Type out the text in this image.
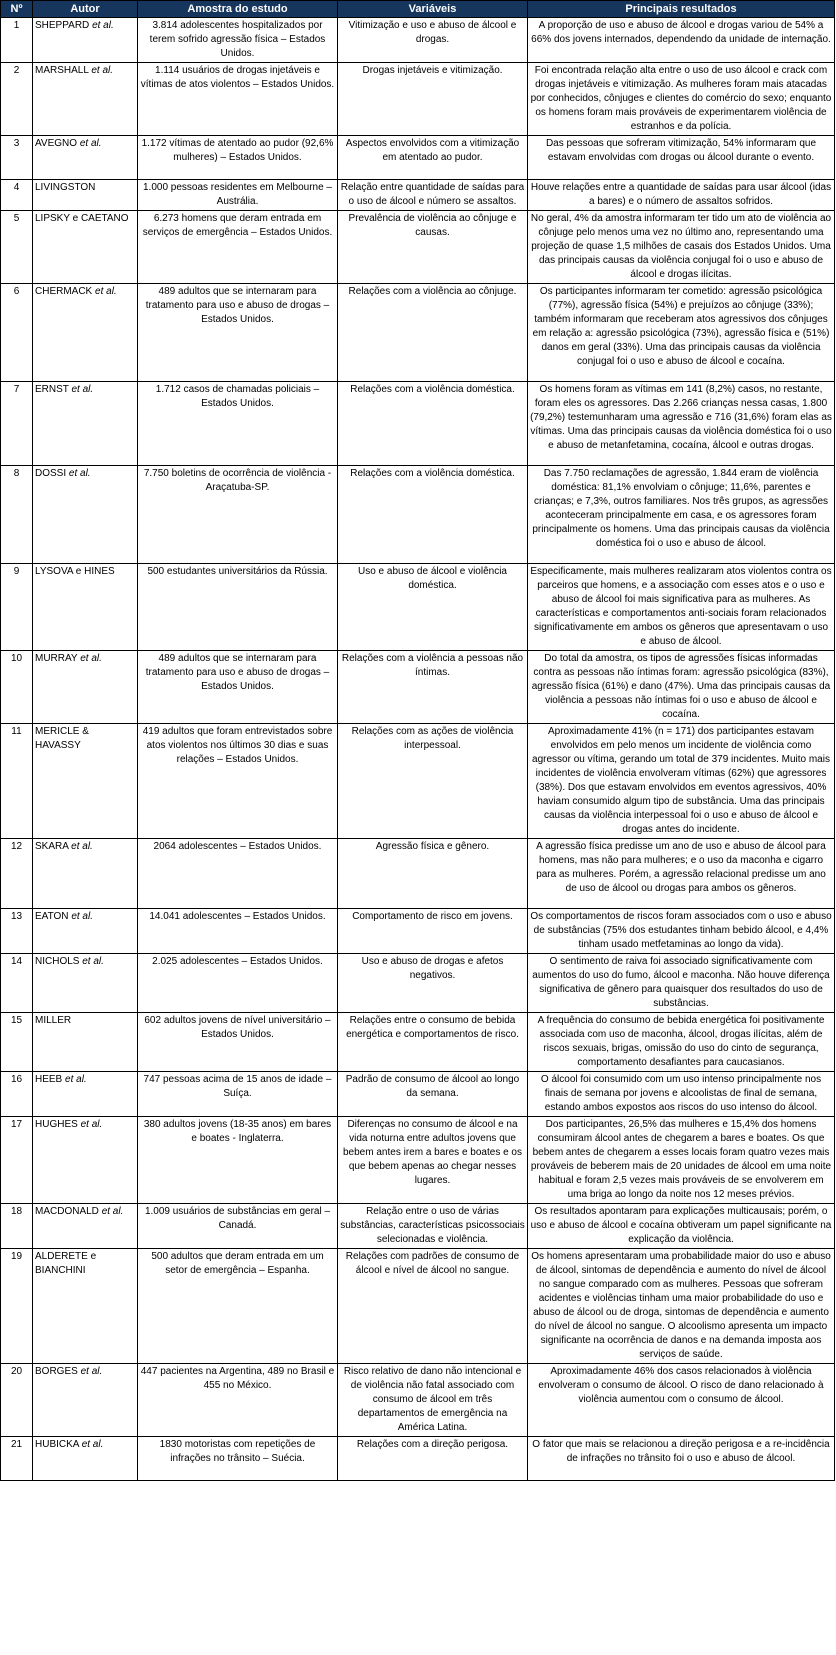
Nº	Autor	Amostra do estudo	Variáveis	Principais resultados
1	SHEPPARD et al.	3.814 adolescentes hospitalizados por terem sofrido agressão física – Estados Unidos.	Vitimização e uso e abuso de álcool e drogas.	A proporção de uso e abuso de álcool e drogas variou de 54% a 66% dos jovens internados, dependendo da unidade de internação.
2	MARSHALL et al.	1.114 usuários de drogas injetáveis e vítimas de atos violentos – Estados Unidos.	Drogas injetáveis e vitimização.	Foi encontrada relação alta entre o uso de uso álcool e crack com drogas injetáveis e vitimização. As mulheres foram mais atacadas por conhecidos, cônjuges e clientes do comércio do sexo; enquanto os homens foram mais prováveis de experimentarem violência de estranhos e da polícia.
3	AVEGNO et al.	1.172 vítimas de atentado ao pudor (92,6% mulheres) – Estados Unidos.	Aspectos envolvidos com a vitimização em atentado ao pudor.	Das pessoas que sofreram vitimização, 54% informaram que estavam envolvidas com drogas ou álcool durante o evento.
4	LIVINGSTON	1.000 pessoas residentes em Melbourne – Austrália.	Relação entre quantidade de saídas para o uso de álcool e número se assaltos.	Houve relações entre a quantidade de saídas para usar álcool (idas a bares) e o número de assaltos sofridos.
5	LIPSKY e CAETANO	6.273 homens que deram entrada em serviços de emergência – Estados Unidos.	Prevalência de violência ao cônjuge e causas.	No geral, 4% da amostra informaram ter tido um ato de violência ao cônjuge pelo menos uma vez no último ano, representando uma projeção de quase 1,5 milhões de casais dos Estados Unidos. Uma das principais causas da violência conjugal foi o uso e abuso de álcool e drogas ilícitas.
6	CHERMACK et al.	489 adultos que se internaram para tratamento para uso e abuso de drogas – Estados Unidos.	Relações com a violência ao cônjuge.	Os participantes informaram ter cometido: agressão psicológica (77%), agressão física (54%) e prejuízos ao cônjuge (33%); também informaram que receberam atos agressivos dos cônjuges em relação a: agressão psicológica (73%), agressão física e (51%) danos em geral (33%). Uma das principais causas da violência conjugal foi o uso e abuso de álcool e cocaína.
7	ERNST et al.	1.712 casos de chamadas policiais – Estados Unidos.	Relações com a violência doméstica.	Os homens foram as vítimas em 141 (8,2%) casos, no restante, foram eles os agressores. Das 2.266 crianças nessa casas, 1.800 (79,2%) testemunharam uma agressão e 716 (31,6%) foram elas as vítimas. Uma das principais causas da violência doméstica foi o uso e abuso de metanfetamina, cocaína, álcool e outras drogas.
8	DOSSI et al.	7.750 boletins de ocorrência de violência -Araçatuba-SP.	Relações com a violência doméstica.	Das 7.750 reclamações de agressão, 1.844 eram de violência doméstica: 81,1% envolviam o cônjuge; 11,6%, parentes e crianças; e 7,3%, outros familiares. Nos três grupos, as agressões aconteceram principalmente em casa, e os agressores foram principalmente os homens. Uma das principais causas da violência doméstica foi o uso e abuso de álcool.
9	LYSOVA e HINES	500 estudantes universitários da Rússia.	Uso e abuso de álcool e violência doméstica.	Especificamente, mais mulheres realizaram atos violentos contra os parceiros que homens, e a associação com esses atos e o uso e abuso de álcool foi mais significativa para as mulheres. As características e comportamentos anti-sociais foram relacionados significativamente em ambos os gêneros que apresentavam o uso e abuso de álcool.
10	MURRAY et al.	489 adultos que se internaram para tratamento para uso e abuso de drogas – Estados Unidos.	Relações com a violência a pessoas não íntimas.	Do total da amostra, os tipos de agressões físicas informadas contra as pessoas não íntimas foram: agressão psicológica (83%), agressão física (61%) e dano (47%). Uma das principais causas da violência a pessoas não íntimas foi o uso e abuso de álcool e cocaína.
11	MERICLE & HAVASSY	419 adultos que foram entrevistados sobre atos violentos nos últimos 30 dias e suas relações – Estados Unidos.	Relações com as ações de violência interpessoal.	Aproximadamente 41% (n = 171) dos participantes estavam envolvidos em pelo menos um incidente de violência como agressor ou vítima, gerando um total de 379 incidentes. Muito mais incidentes de violência envolveram vítimas (62%) que agressores (38%). Dos que estavam envolvidos em eventos agressivos, 40% haviam consumido algum tipo de substância. Uma das principais causas da violência interpessoal foi o uso e abuso de álcool e drogas antes do incidente.
12	SKARA et al.	2064 adolescentes – Estados Unidos.	Agressão física e gênero.	A agressão física predisse um ano de uso e abuso de álcool para homens, mas não para mulheres; e o uso da maconha e cigarro para as mulheres. Porém, a agressão relacional predisse um ano de uso de álcool ou drogas para ambos os gêneros.
13	EATON et al.	14.041 adolescentes – Estados Unidos.	Comportamento de risco em jovens.	Os comportamentos de riscos foram associados com o uso e abuso de substâncias (75% dos estudantes tinham bebido álcool, e 4,4% tinham usado metfetaminas ao longo da vida).
14	NICHOLS et al.	2.025 adolescentes – Estados Unidos.	Uso e abuso de drogas e afetos negativos.	O sentimento de raiva foi associado significativamente com aumentos do uso do fumo, álcool e maconha. Não houve diferença significativa de gênero para quaisquer dos resultados do uso de substâncias.
15	MILLER	602 adultos jovens de nível universitário – Estados Unidos.	Relações entre o consumo de bebida energética e comportamentos de risco.	A frequência do consumo de bebida energética foi positivamente associada com uso de maconha, álcool, drogas ilícitas, além de riscos sexuais, brigas, omissão do uso do cinto de segurança, comportamento desafiantes para caucasianos.
16	HEEB et al.	747 pessoas acima de 15 anos de idade – Suíça.	Padrão de consumo de álcool ao longo da semana.	O álcool foi consumido com um uso intenso principalmente nos finais de semana por jovens e alcoolistas de final de semana, estando ambos expostos aos riscos do uso intenso do álcool.
17	HUGHES et al.	380 adultos jovens (18-35 anos) em bares e boates - Inglaterra.	Diferenças no consumo de álcool e na vida noturna entre adultos jovens que bebem antes irem a bares e boates e os que bebem apenas ao chegar nesses lugares.	Dos participantes, 26,5% das mulheres e 15,4% dos homens consumiram álcool antes de chegarem a bares e boates. Os que bebem antes de chegarem a esses locais foram quatro vezes mais prováveis de beberem mais de 20 unidades de álcool em uma noite habitual e foram 2,5 vezes mais prováveis de se envolverem em uma briga ao longo da noite nos 12 meses prévios.
18	MACDONALD et al.	1.009 usuários de substâncias em geral – Canadá.	Relação entre o uso de várias substâncias, características psicossociais selecionadas e violência.	Os resultados apontaram para explicações multicausais; porém, o uso e abuso de álcool e cocaína obtiveram um papel significante na explicação da violência.
19	ALDERETE e BIANCHINI	500 adultos que deram entrada em um setor de emergência – Espanha.	Relações com padrões de consumo de álcool e nível de álcool no sangue.	Os homens apresentaram uma probabilidade maior do uso e abuso de álcool, sintomas de dependência e aumento do nível de álcool no sangue comparado com as mulheres. Pessoas que sofreram acidentes e violências tinham uma maior probabilidade do uso e abuso de álcool ou de droga, sintomas de dependência e aumento do nível de álcool no sangue. O alcoolismo apresenta um impacto significante na ocorrência de danos e na demanda imposta aos serviços de saúde.
20	BORGES et al.	447 pacientes na Argentina, 489 no Brasil e 455 no México.	Risco relativo de dano não intencional e de violência não fatal associado com consumo de álcool em três departamentos de emergência na América Latina.	Aproximadamente 46% dos casos relacionados à violência envolveram o consumo de álcool. O risco de dano relacionado à violência aumentou com o consumo de álcool.
21	HUBICKA et al.	1830 motoristas com repetições de infrações no trânsito – Suécia.	Relações com a direção perigosa.	O fator que mais se relacionou a direção perigosa e a re-incidência de infrações no trânsito foi o uso e abuso de álcool.
